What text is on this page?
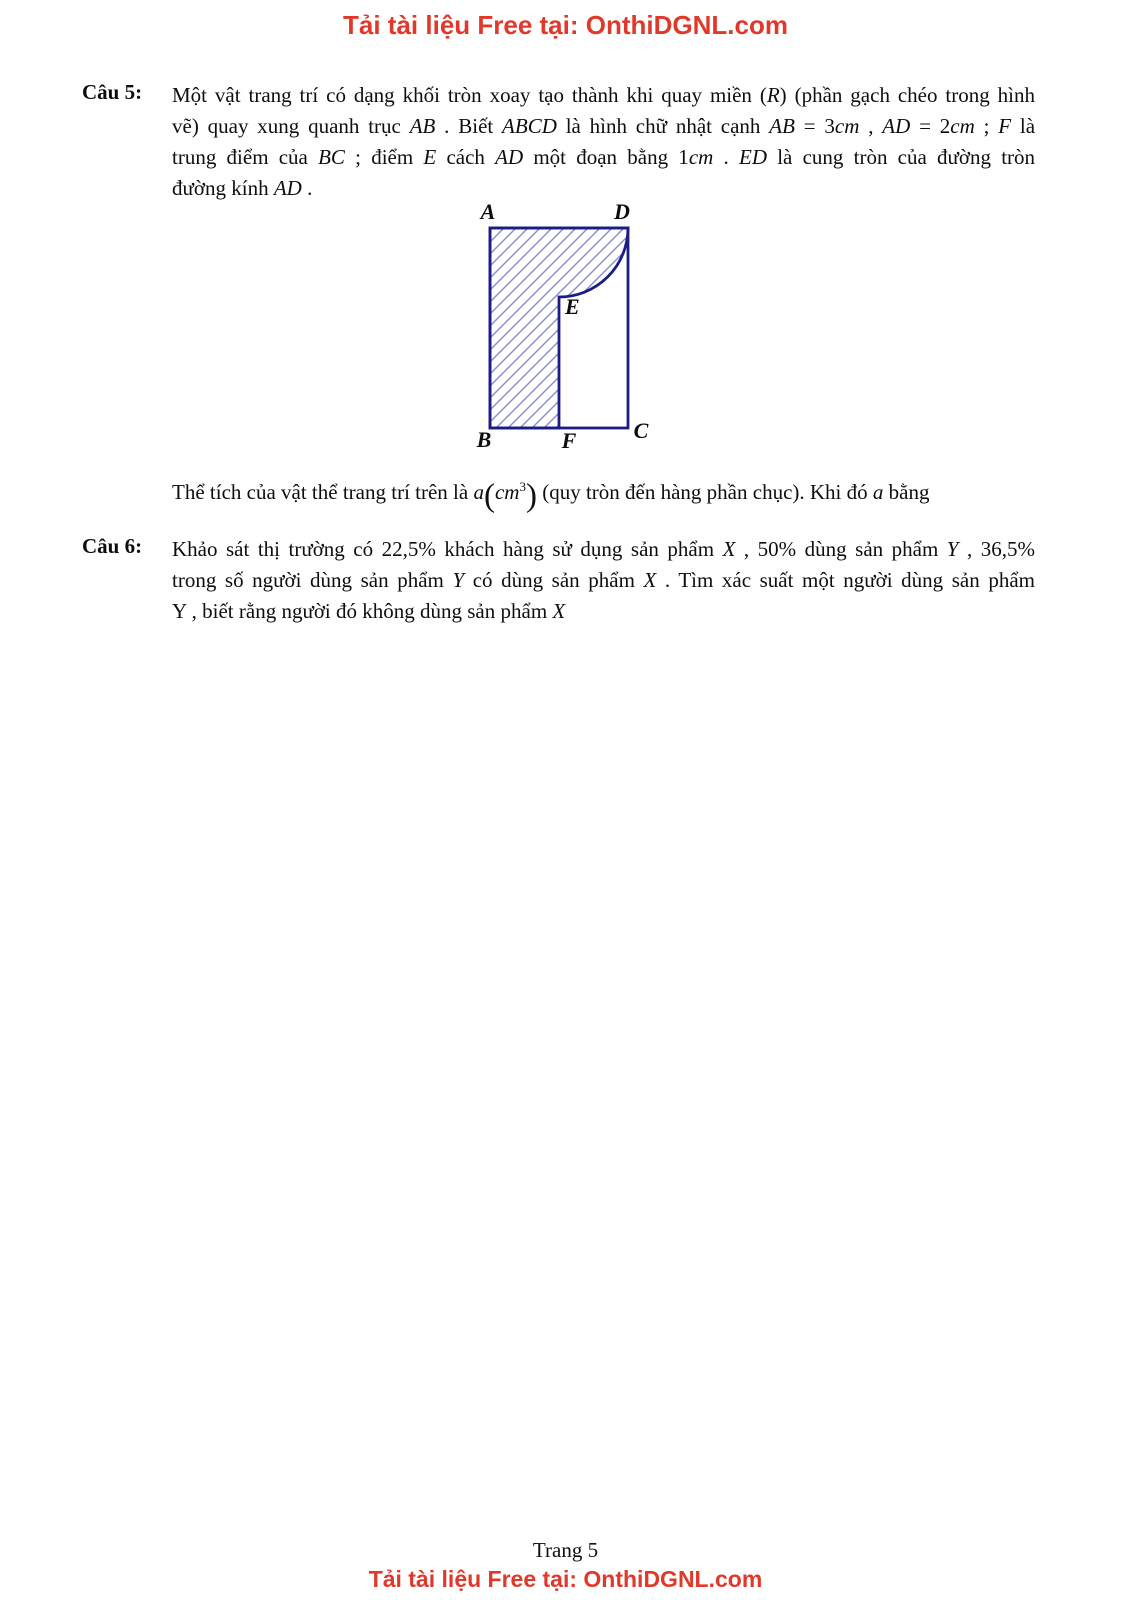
Tải tài liệu Free tại: OnthiDGNL.com
Câu 5: Một vật trang trí có dạng khối tròn xoay tạo thành khi quay miền (R) (phần gạch chéo trong hình
vẽ) quay xung quanh trục AB . Biết ABCD là hình chữ nhật cạnh AB = 3cm , AD = 2cm ; F là
trung điểm của BC ; điểm E cách AD một đoạn bằng 1cm . ED là cung tròn của đường tròn
đường kính AD .
A	D
E
B	F	C
Thể tích của vật thể trang trí trên là $a(cm^3)$ (quy tròn đến hàng phần chục). Khi đó a bằng
Câu 6: Khảo sát thị trường có 22,5% khách hàng sử dụng sản phẩm X , 50% dùng sản phẩm Y , 36,5%
trong số người dùng sản phẩm Y có dùng sản phẩm X . Tìm xác suất một người dùng sản phẩm
Y , biết rằng người đó không dùng sản phẩm X
Trang 5
Tải tài liệu Free tại: OnthiDGNL.com
